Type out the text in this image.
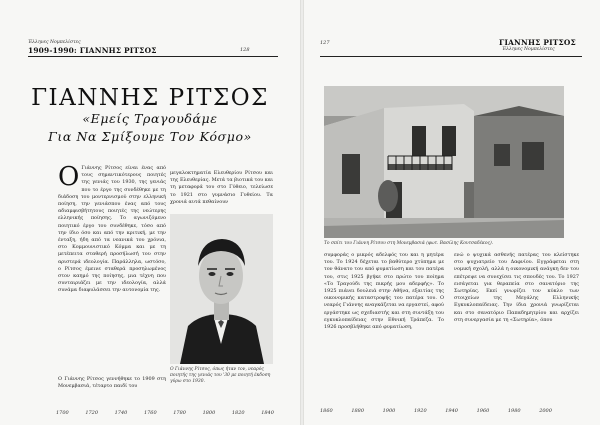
Έλληνες Νομπελίστες
1909-1990: ΓΙΑΝΝΗΣ ΡΙΤΣΟΣ	128
ΓΙΑΝΝΗΣ ΡΙΤΣΟΣ
«Εμείς Τραγουδάμε
Για Να Σμίξουμε Τον Κόσμο»
Ο Γιάννης Ρίτσος είναι ένας από τους σημαντικότερους ποιητές της γενιάς του 1930, της γενιάς που το έργο της συνδέθηκε με τη διάδοση του μοντερνισμού στην ελληνική ποίηση, την γενιάσπου ένας από τους αδιαμφισβήτητους ποιητές της νεώτερης ελληνικής ποίησης. Το αγωνιζόμενο ποιητικό έργο του συνδέθηκε, τόσο από την ίδιο όσο και από την κριτική, με την ένταξη, ήδη από τα νεανικά του χρόνια, στο Κομμουνιστικό Κόμμα και με τη μετέπειτα σταθερή προσήλωσή του στην αριστερά ιδεολογία. Παράλληλα, ωστόσο, ο Ρίτσος έμεινε σταθερά προσηλωμένος στον καημό της ποίησης, μια τέχνη που συνταιριάζει με την ιδεολογία, αλλά συνάμα διαφυλάσσει την αυτονομία της.
Ο Γιάννης Ρίτσος γεννήθηκε το 1909 στη Μονεμβασιά, τέταρτο παιδί του
μεγαλοκτηματία Ελευθερίου Ρίτσου και της Ελευθερίας. Μετά τα βιοτικά του και τη μεταφορά του στο Γύθειο, τελείωσε το 1921 στο γυμνάσιο Γυθείου. Τα χρονιά αυτά πεθαίνουν
Ο Γιάννης Ρίτσος, όπως ήταν τον, νεαρός ποιητής της γενιάς του '30 με ποιητή έκδοση γύρω στο 1930.
1700	1720	1740	1760	1780	1800	1820	1840
127	ΓΙΑΝΝΗΣ ΡΙΤΣΟΣ
Έλληνες Νομπελίστες
Το σπίτι του Γιάννη Ρίτσου στη Μονεμβασιά (φωτ. Βασίλης Κουτσαδέκος).
συμφοράς ο μικρός αδελφός του και η μητέρα του. Το 1924 δέχεται το βαθύτερο χτύπημα με τον θάνατο του από φυματίωση και του πατέρα του, στις 1925 βγήκε στο πρώτο του ποίημα «Το Τραγούδι της πικρής μου αδερφής». Το 1925 πιάνει δουλειά στην Αθήνα, εξαιτίας της οικονομικής καταστροφής του πατέρα του. Ο νεαρός Γιάννης αναγκάζεται να εργαστεί, αφού εργάστηκε ως σχεδιαστής και στη συντάξη του εγκυκλοπαίδειας στην Εθνική Τράπεζα. Το 1926 προσβλήθηκε από φυματίωση,
ενώ ο ψυχικά ασθενής πατέρας του κλείστηκε στο ψυχιατρείο του Δαφνίου. Εγγράφεται στη νομική σχολή, αλλά η οικονομική ανάγκη δεν του επέτρεψε να συνεχίσει τις σπουδές του. Το 1927 εισάγεται για θεραπεία στο σανατόριο της Σωτηρίας. Εκεί γνωρίζει τον κύκλο των στοιχείων της Μεγάλης Ελληνικής Εγκυκλοπαίδειας. Την ίδια χρονιά γνωρίζεται και στο σανατόριο Παπαδημητρίου και αρχίζει στη συνεργασία με τη «Σωτηρία», όπου
1860	1880	1900	1920	1940	1960	1980	2000
